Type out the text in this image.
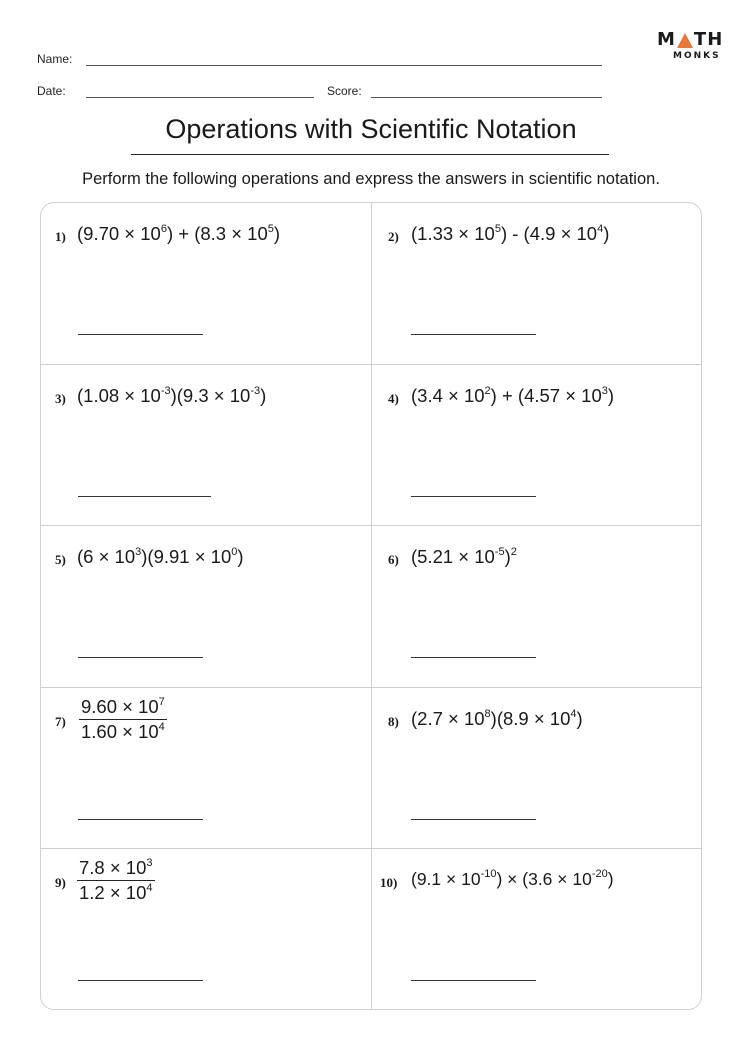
Name:
Date:	Score:
M TH
MONKS
Operations with Scientific Notation
Perform the following operations and express the answers in scientific notation.
1) $(9.70 \times 10^6) + (8.3 \times 10^5)$	2) $(1.33 \times 10^5) - (4.9 \times 10^4)$
3) $(1.08 \times 10^{-3})(9.3 \times 10^{-3})$	4) $(3.4 \times 10^2) + (4.57 \times 10^3)$
5) $(6 \times 10^3)(9.91 \times 10^0)$	6) $(5.21 \times 10^{-5})^2$
$7) \frac{9.60 \times 10^7}{1.60 \times 10^4}$	8) $(2.7 \times 10^8)(8.9 \times 10^4)$
$9) \frac{7.8 \times 10^3}{1.2 \times 10^4}$	10) $(9.1 \times 10^{-10}) \times (3.6 \times 10^{-20})$
